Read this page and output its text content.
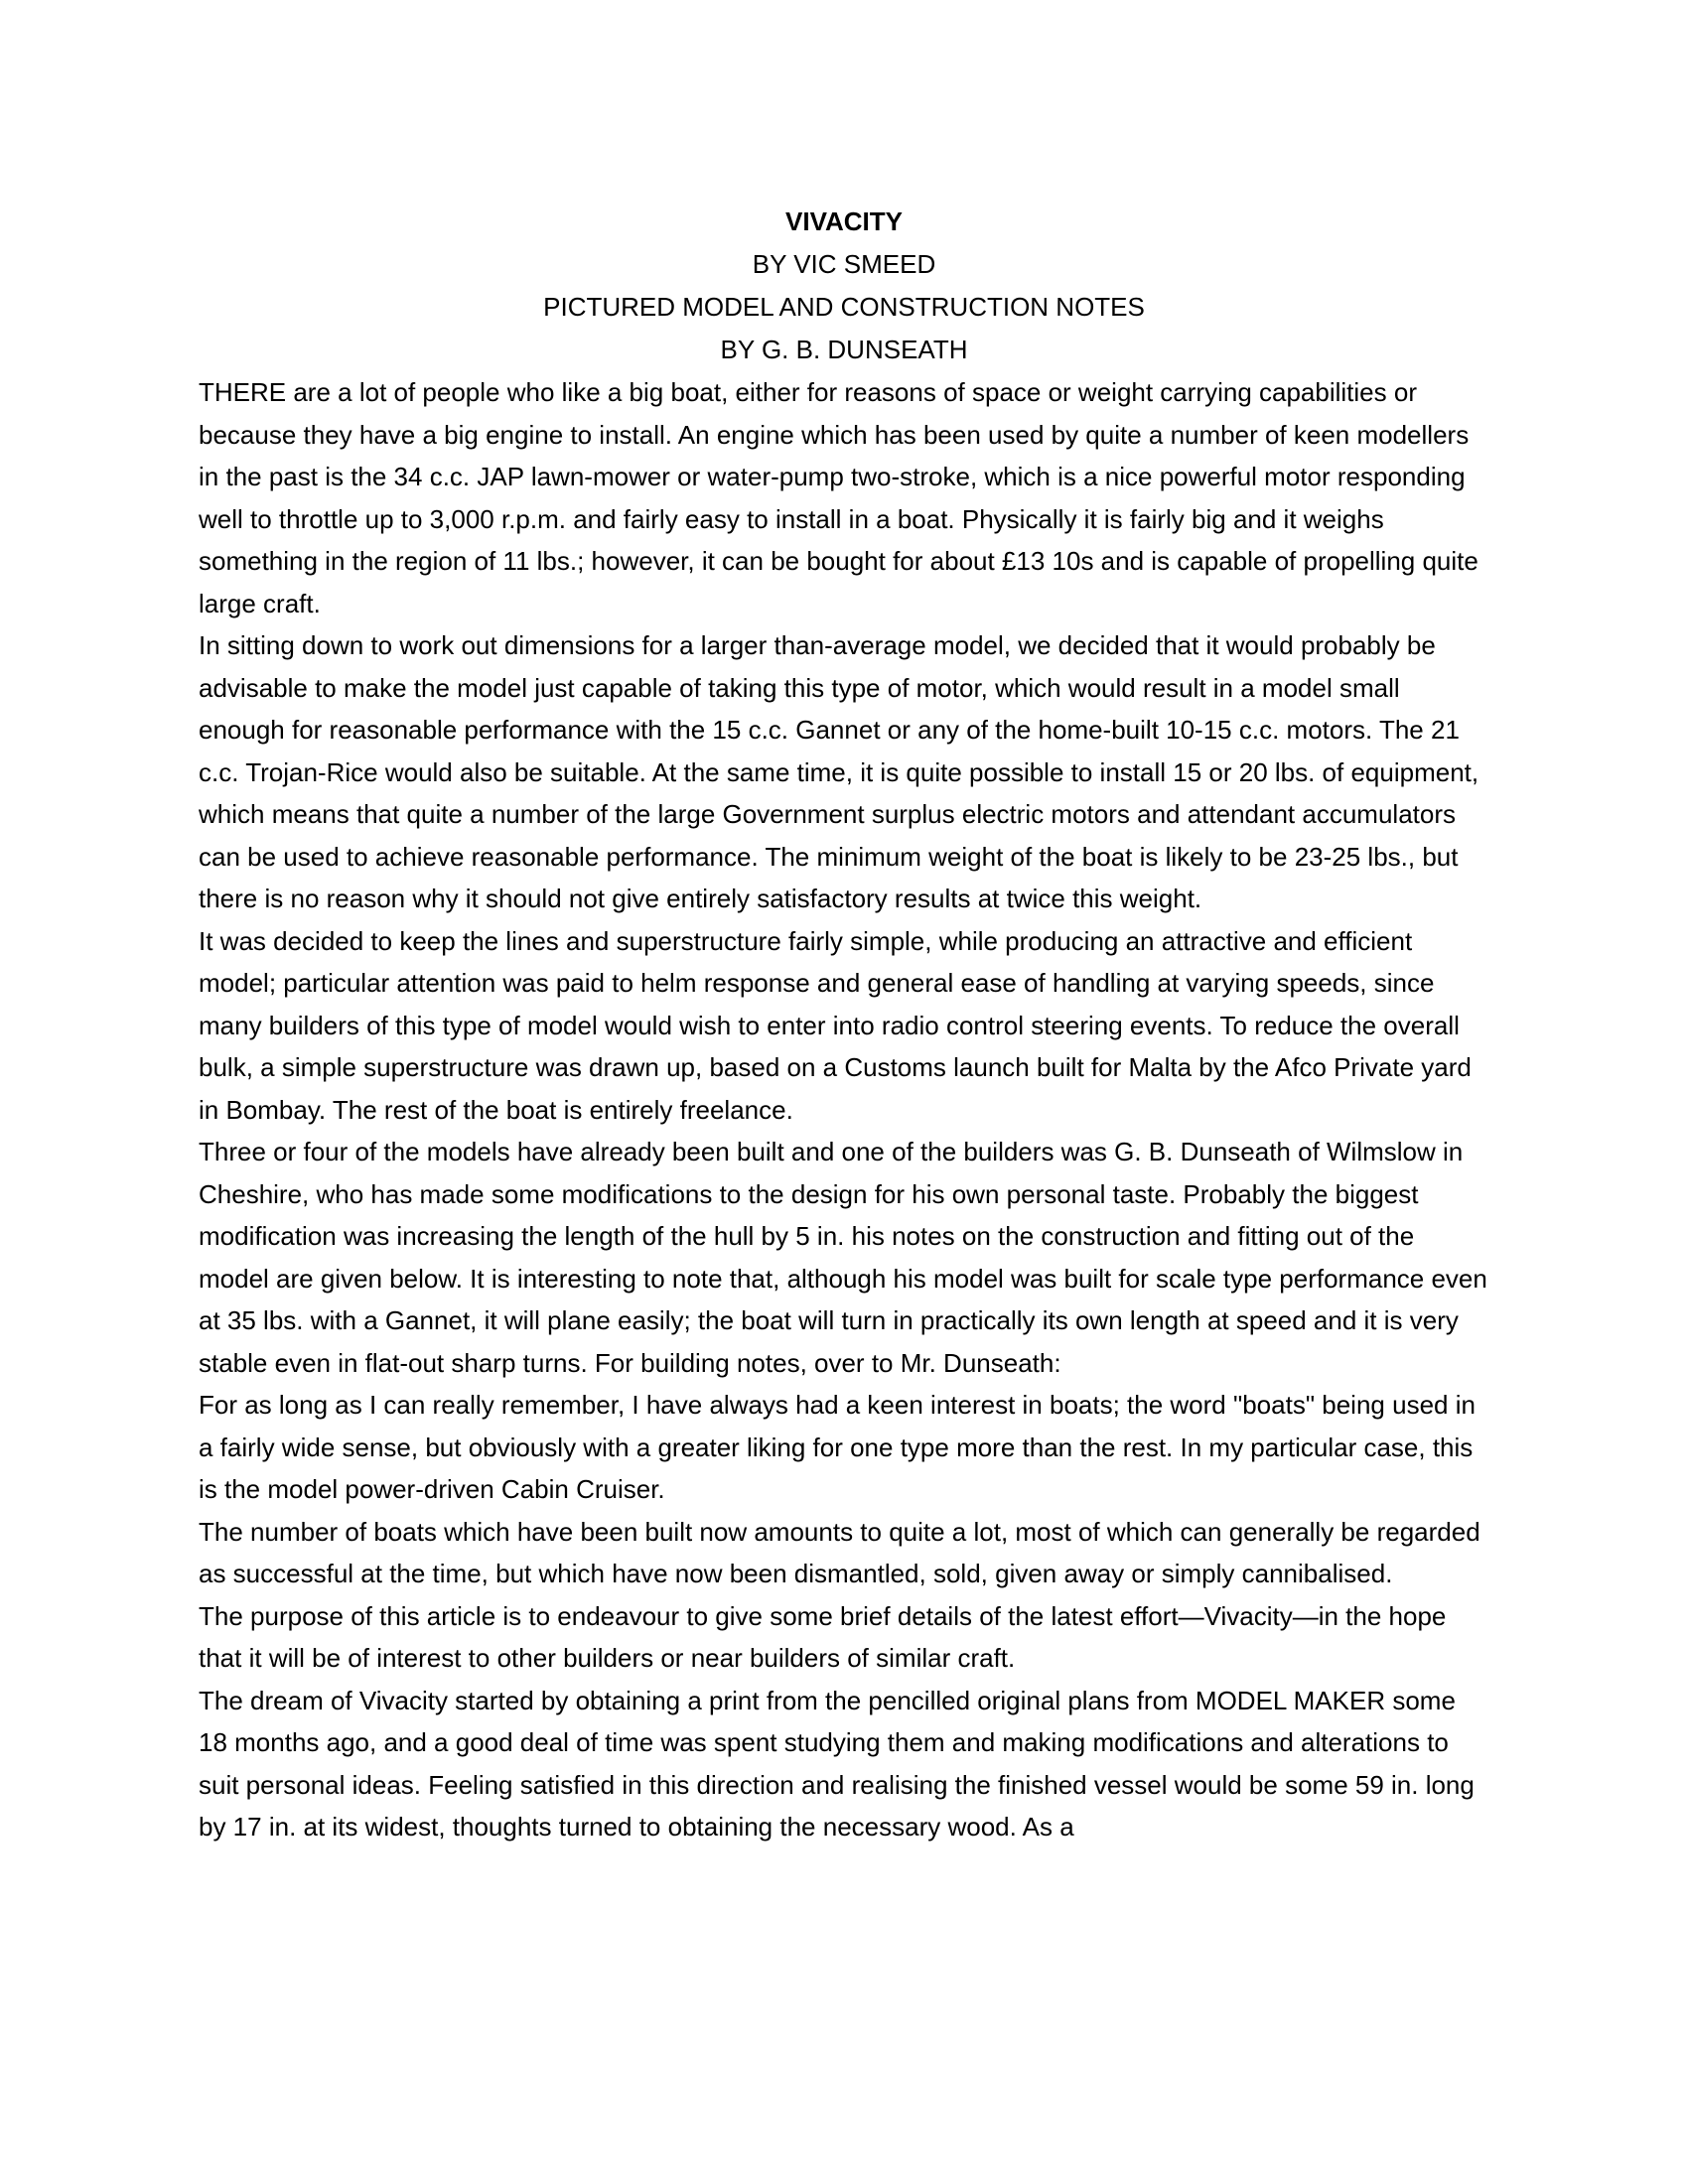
VIVACITY
BY VIC SMEED
PICTURED MODEL AND CONSTRUCTION NOTES
BY G. B. DUNSEATH

THERE are a lot of people who like a big boat, either for reasons of space or weight carrying capabilities or because they have a big engine to install. An engine which has been used by quite a number of keen modellers in the past is the 34 c.c. JAP lawn-mower or water-pump two-stroke, which is a nice powerful motor responding well to throttle up to 3,000 r.p.m. and fairly easy to install in a boat. Physically it is fairly big and it weighs something in the region of 11 lbs.; however, it can be bought for about £13 10s and is capable of propelling quite large craft.

In sitting down to work out dimensions for a larger than-average model, we decided that it would probably be advisable to make the model just capable of taking this type of motor, which would result in a model small enough for reasonable performance with the 15 c.c. Gannet or any of the home-built 10-15 c.c. motors. The 21 c.c. Trojan-Rice would also be suitable. At the same time, it is quite possible to install 15 or 20 lbs. of equipment, which means that quite a number of the large Government surplus electric motors and attendant accumulators can be used to achieve reasonable performance. The minimum weight of the boat is likely to be 23-25 lbs., but there is no reason why it should not give entirely satisfactory results at twice this weight.

It was decided to keep the lines and superstructure fairly simple, while producing an attractive and efficient model; particular attention was paid to helm response and general ease of handling at varying speeds, since many builders of this type of model would wish to enter into radio control steering events. To reduce the overall bulk, a simple superstructure was drawn up, based on a Customs launch built for Malta by the Afco Private yard in Bombay. The rest of the boat is entirely freelance.

Three or four of the models have already been built and one of the builders was G. B. Dunseath of Wilmslow in Cheshire, who has made some modifications to the design for his own personal taste. Probably the biggest modification was increasing the length of the hull by 5 in. his notes on the construction and fitting out of the model are given below. It is interesting to note that, although his model was built for scale type performance even at 35 lbs. with a Gannet, it will plane easily; the boat will turn in practically its own length at speed and it is very stable even in flat-out sharp turns. For building notes, over to Mr. Dunseath:

For as long as I can really remember, I have always had a keen interest in boats; the word "boats" being used in a fairly wide sense, but obviously with a greater liking for one type more than the rest. In my particular case, this is the model power-driven Cabin Cruiser.

The number of boats which have been built now amounts to quite a lot, most of which can generally be regarded as successful at the time, but which have now been dismantled, sold, given away or simply cannibalised.

The purpose of this article is to endeavour to give some brief details of the latest effort—Vivacity—in the hope that it will be of interest to other builders or near builders of similar craft.

The dream of Vivacity started by obtaining a print from the pencilled original plans from MODEL MAKER some 18 months ago, and a good deal of time was spent studying them and making modifications and alterations to suit personal ideas. Feeling satisfied in this direction and realising the finished vessel would be some 59 in. long by 17 in. at its widest, thoughts turned to obtaining the necessary wood. As a
